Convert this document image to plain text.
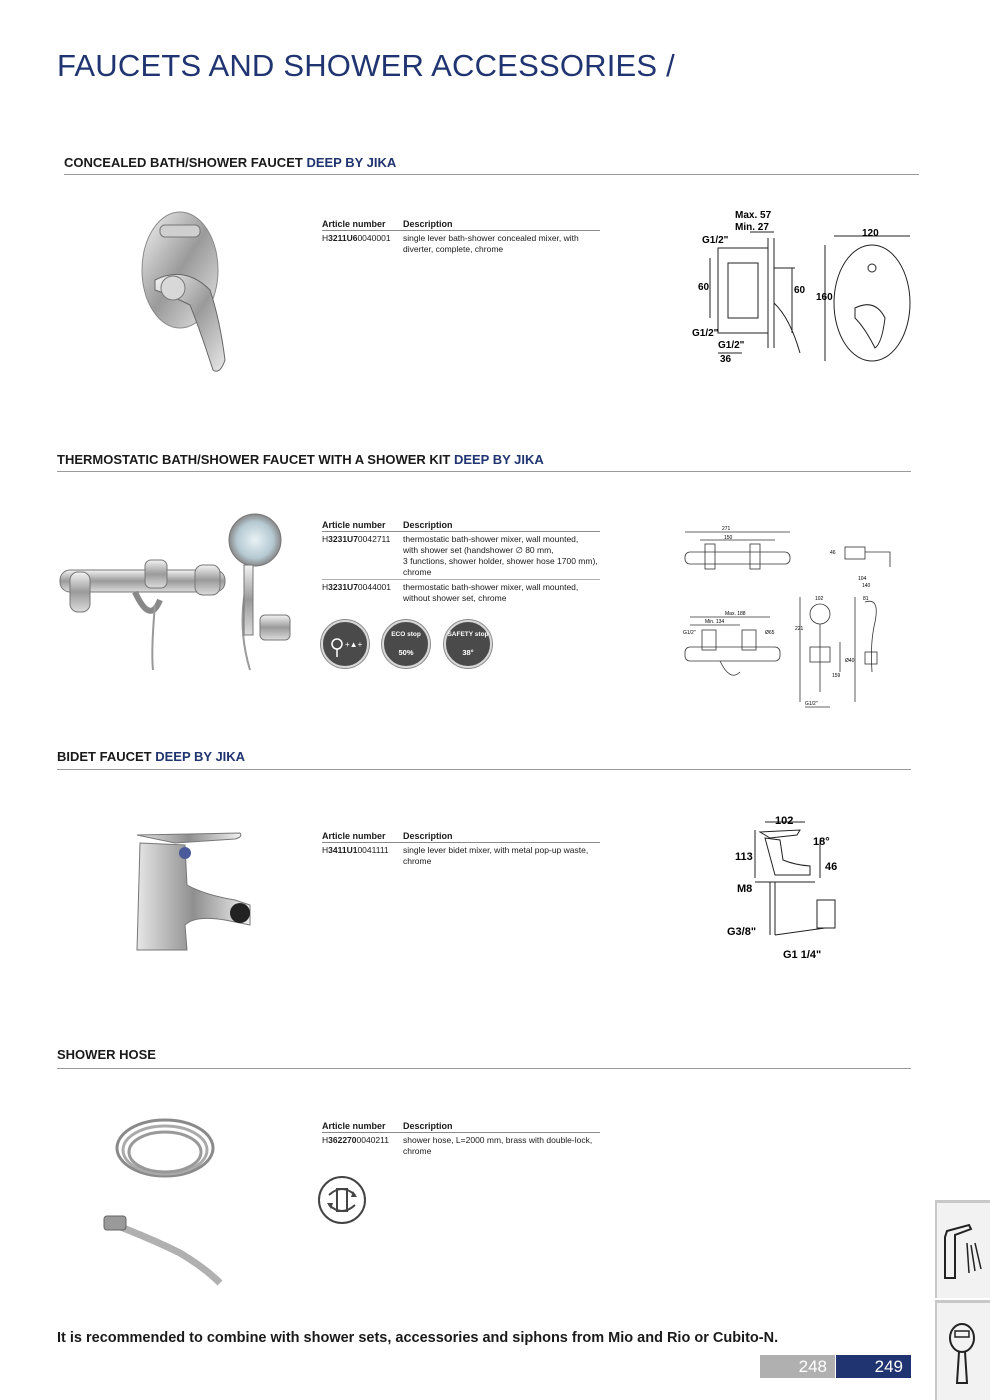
FAUCETS AND SHOWER ACCESSORIES /
CONCEALED BATH/SHOWER FAUCET DEEP BY JIKA
Article number	Description
H3211U60040001	single lever bath-shower concealed mixer, with
diverter, complete, chrome
Max. 57
Min. 27
G1/2"
120
60	60
160
G1/2"
G1/2"
36
THERMOSTATIC BATH/SHOWER FAUCET WITH A SHOWER KIT DEEP BY JIKA
Article number	Description
H3231U70042711	thermostatic bath-shower mixer, wall mounted,
with shower set (handshower ∅ 80 mm,
3 functions, shower holder, shower hose 1700 mm),
chrome
H3231U70044001	thermostatic bath-shower mixer, wall mounted,
without shower set, chrome
+▲+
ECO stop
50%
SAFETY stop
38°
271
150
46
104
140
Max. 188
Min. 134
G1/2"	Ø65
102
221
81
Ø40
159
G1/2"
BIDET FAUCET DEEP BY JIKA
Article number	Description
H3411U10041111	single lever bidet mixer, with metal pop-up waste,
chrome
102
113
18°
46
M8
G3/8"
G1 1/4"
SHOWER HOSE
Article number	Description
H3622700040211	shower hose, L=2000 mm, brass with double-lock,
chrome
It is recommended to combine with shower sets, accessories and siphons from Mio and Rio or Cubito-N.
248	249
